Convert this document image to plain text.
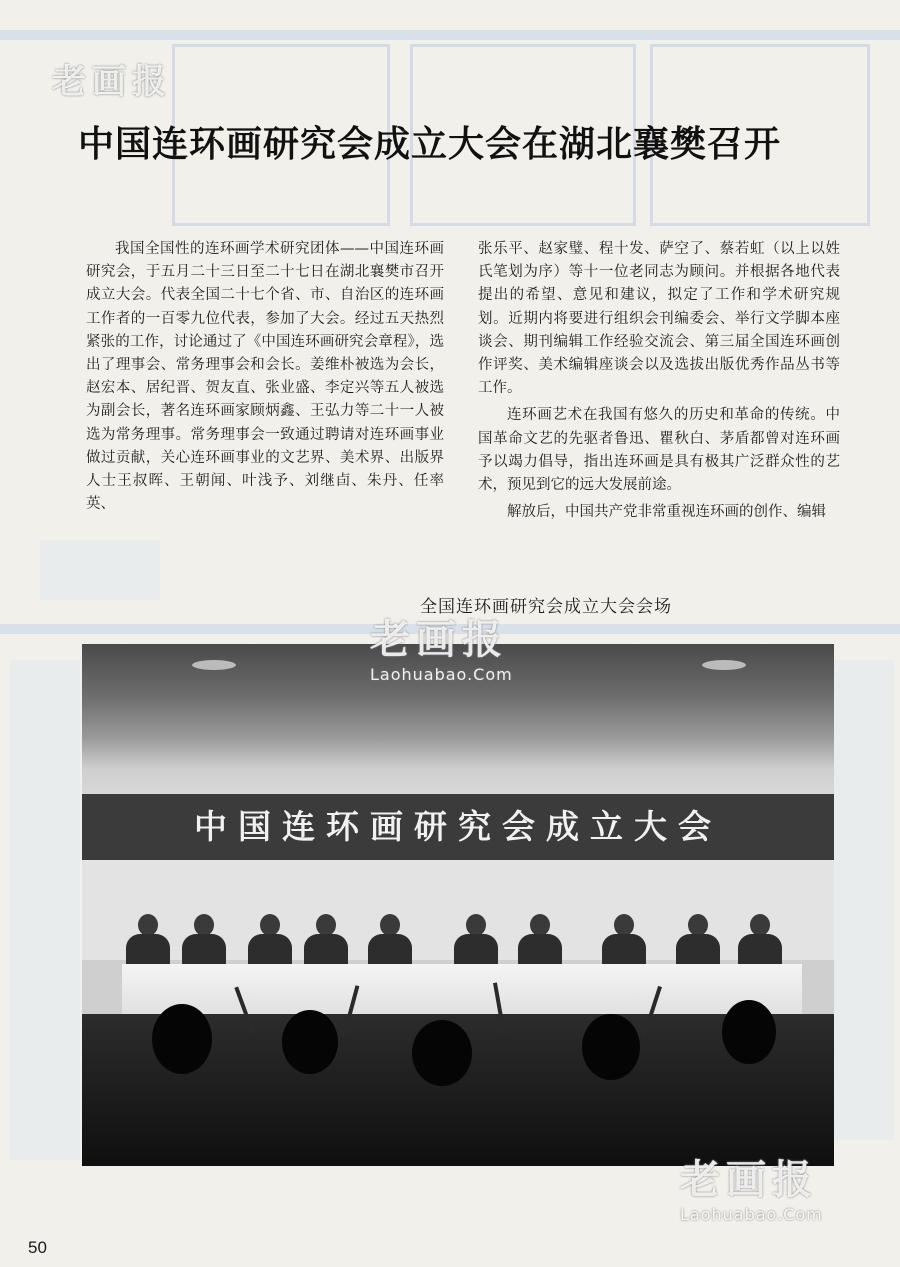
中国连环画研究会成立大会在湖北襄樊召开

我国全国性的连环画学术研究团体——中国连环画研究会，于五月二十三日至二十七日在湖北襄樊市召开成立大会。代表全国二十七个省、市、自治区的连环画工作者的一百零九位代表，参加了大会。经过五天热烈紧张的工作，讨论通过了《中国连环画研究会章程》，选出了理事会、常务理事会和会长。姜维朴被选为会长，赵宏本、居纪晋、贺友直、张业盛、李定兴等五人被选为副会长，著名连环画家顾炳鑫、王弘力等二十一人被选为常务理事。常务理事会一致通过聘请对连环画事业做过贡献，关心连环画事业的文艺界、美术界、出版界人士王叔晖、王朝闻、叶浅予、刘继卣、朱丹、任率英、

张乐平、赵家璧、程十发、萨空了、蔡若虹（以上以姓氏笔划为序）等十一位老同志为顾问。并根据各地代表提出的希望、意见和建议，拟定了工作和学术研究规划。近期内将要进行组织会刊编委会、举行文学脚本座谈会、期刊编辑工作经验交流会、第三届全国连环画创作评奖、美术编辑座谈会以及选拔出版优秀作品丛书等工作。

连环画艺术在我国有悠久的历史和革命的传统。中国革命文艺的先驱者鲁迅、瞿秋白、茅盾都曾对连环画予以竭力倡导，指出连环画是具有极其广泛群众性的艺术，预见到它的远大发展前途。

解放后，中国共产党非常重视连环画的创作、编辑

全国连环画研究会成立大会会场
中国连环画研究会成立大会
老画报
老画报
Laohuabao.Com
老画报
Laohuabao.Com
50
